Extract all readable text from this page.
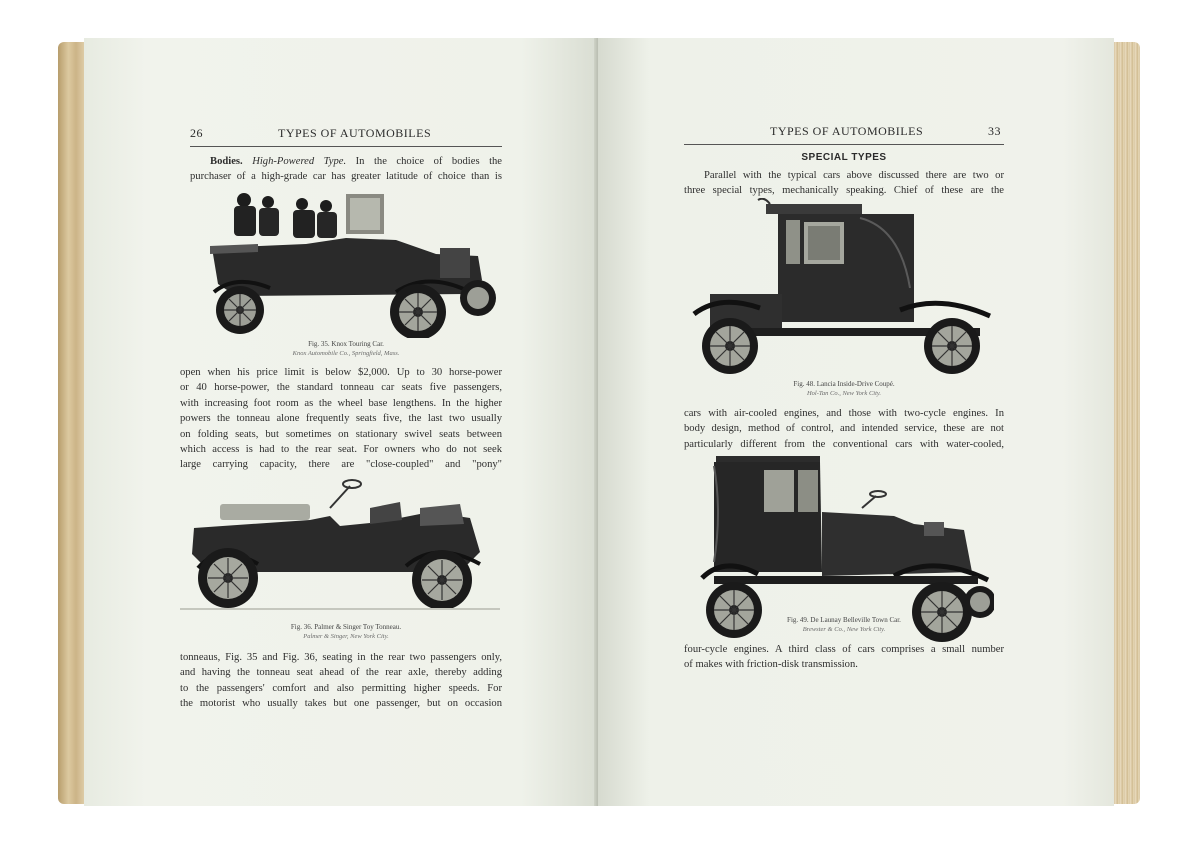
26	TYPES OF AUTOMOBILES
Bodies. High-Powered Type. In the choice of bodies the
purchaser of a high-grade car has greater latitude of choice than is
Fig. 35. Knox Touring Car.
Knox Automobile Co., Springfield, Mass.
open when his price limit is below $2,000. Up to 30 horse-power
or 40 horse-power, the standard tonneau car seats five passengers,
with increasing foot room as the wheel base lengthens. In the higher
powers the tonneau alone frequently seats five, the last two usually
on folding seats, but sometimes on stationary swivel seats between
which access is had to the rear seat. For owners who do not seek
large carrying capacity, there are "close-coupled" and "pony"
Fig. 36. Palmer & Singer Toy Tonneau.
Palmer & Singer, New York City.
tonneaus, Fig. 35 and Fig. 36, seating in the rear two passengers only,
and having the tonneau seat ahead of the rear axle, thereby adding
to the passengers' comfort and also permitting higher speeds. For
the motorist who usually takes but one passenger, but on occasion
TYPES OF AUTOMOBILES	33
SPECIAL TYPES
Parallel with the typical cars above discussed there are two or
three special types, mechanically speaking. Chief of these are the
Fig. 48. Lancia Inside-Drive Coupé.
Hol-Tan Co., New York City.
cars with air-cooled engines, and those with two-cycle engines. In
body design, method of control, and intended service, these are not
particularly different from the conventional cars with water-cooled,
Fig. 49. De Launay Belleville Town Car.
Brewster & Co., New York City.
four-cycle engines. A third class of cars comprises a small number
of makes with friction-disk transmission.
